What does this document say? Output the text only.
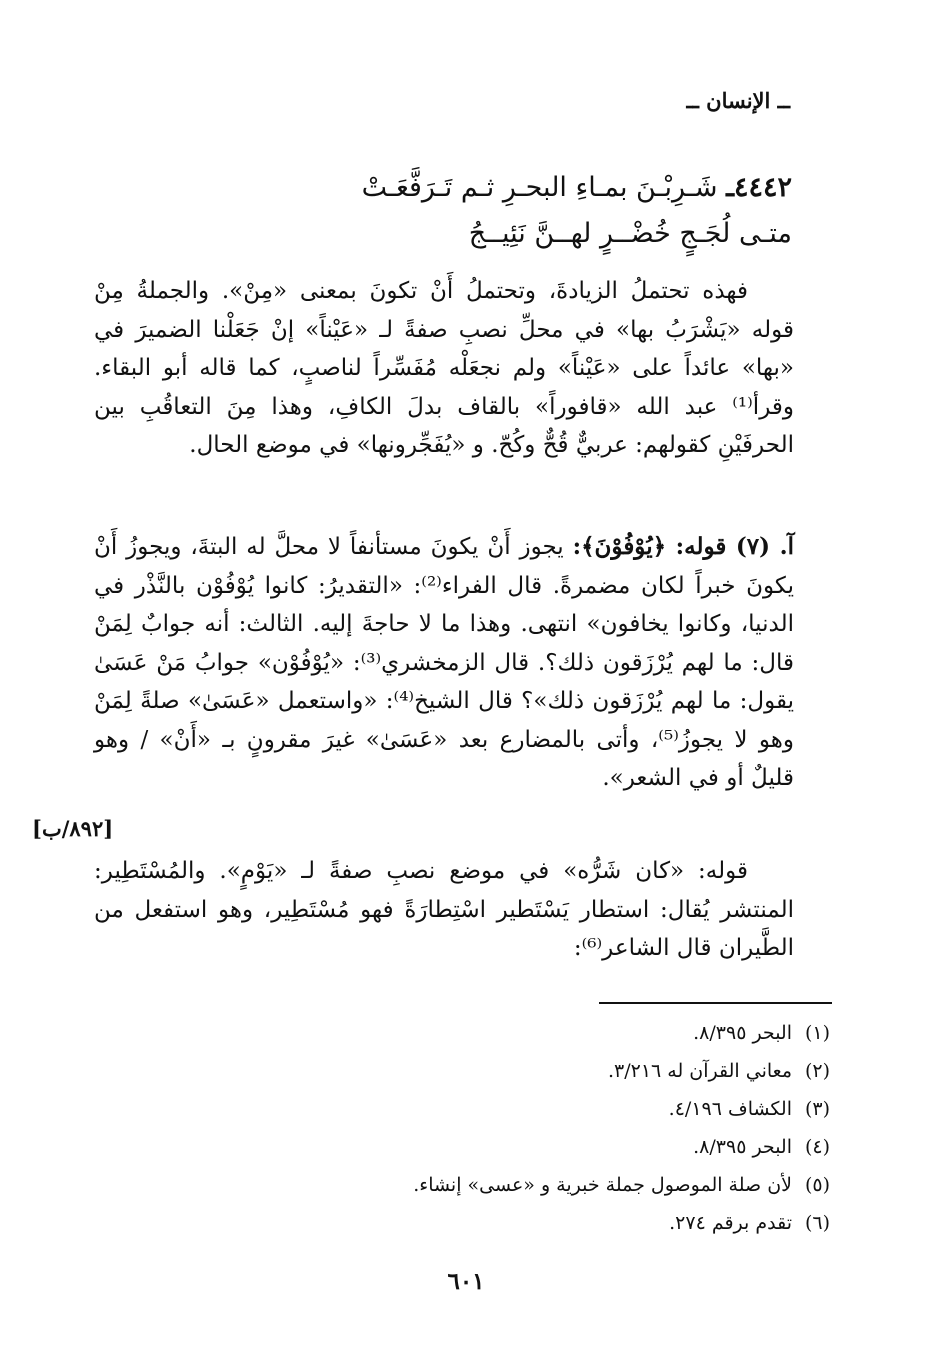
ــ الإنسان ــ
٤٤٤٢ـ شَـرِبْـنَ بمـاءِ البحـرِ ثـم تَـرَفَّعَـتْ
متـى لُجَـجٍ خُضْــرٍ لهــنَّ نَئِيــجُ
فهذه تحتملُ الزيادةَ، وتحتملُ أَنْ تكونَ بمعنى «مِنْ». والجملةُ مِنْ قوله «يَشْرَبُ بها» في محلِّ نصبِ صفةً لـ «عَيْناً» إنْ جَعَلْنا الضميرَ في «بها» عائداً على «عَيْناً» ولم نجعَلْه مُفَسِّراً لناصبٍ، كما قاله أبو البقاء. وقرأ⁽¹⁾ عبد الله «قافوراً» بالقاف بدلَ الكافِ، وهذا مِنَ التعاقُبِ بين الحرفَيْنِ كقولهم: عربيٌّ قُحٌّ وكُحّ. و «يُفَجِّرونها» في موضع الحال.
آ. (٧) قوله: ﴿يُوْفُوْنَ﴾: يجوز أَنْ يكونَ مستأنفاً لا محلَّ له البتةَ، ويجوزُ أَنْ يكونَ خبراً لكان مضمرةً. قال الفراء⁽²⁾: «التقديرُ: كانوا يُوْفُوْن بالنَّذْر في الدنيا، وكانوا يخافون» انتهى. وهذا ما لا حاجةَ إليه. الثالث: أنه جوابٌ لِمَنْ قال: ما لهم يُرْزَقون ذلك؟. قال الزمخشري⁽³⁾: «يُوْفُوْن» جوابُ مَنْ عَسَىٰ يقول: ما لهم يُرْزَقون ذلك»؟ قال الشيخ⁽⁴⁾: «واستعمل «عَسَىٰ» صلةً لِمَنْ وهو لا يجوزُ⁽⁵⁾، وأتى بالمضارع بعد «عَسَىٰ» غيرَ مقرونٍ بـ «أَنْ» / وهو قليلٌ أو في الشعر».
[٨٩٢/ب]
قوله: «كان شَرُّه» في موضع نصبِ صفةً لـ «يَوْمٍ». والمُسْتَطِير: المنتشر يُقال: استطار يَسْتَطير اسْتِطارَةً فهو مُسْتَطِير، وهو استفعل من الطَّيران قال الشاعر⁽⁶⁾:
(١)البحر ٨/٣٩٥.
(٢)معاني القرآن له ٣/٢١٦.
(٣)الكشاف ٤/١٩٦.
(٤)البحر ٨/٣٩٥.
(٥)لأن صلة الموصول جملة خبرية و «عسى» إنشاء.
(٦)تقدم برقم ٢٧٤.
٦٠١
